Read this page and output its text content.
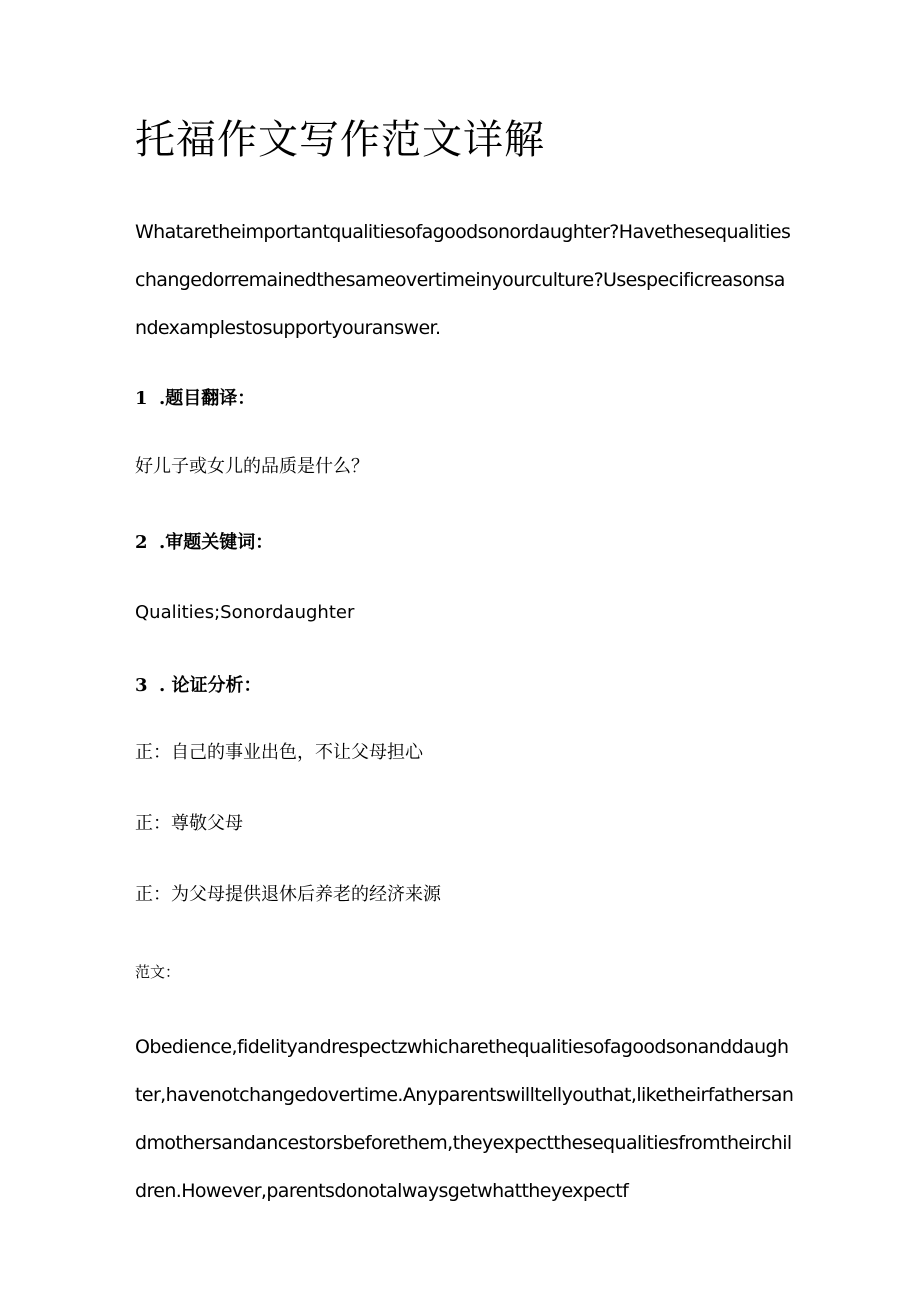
托福作文写作范文详解

Whataretheimportantqualitiesofagoodsonordaughter?Havethesequalitieschangedorremainedthesameovertimeinyourculture?Usespecificreasonsandexamplestosupportyouranswer.

1 .题目翻译：

好儿子或女儿的品质是什么？

2 .审题关键词：

Qualities;Sonordaughter

3 . 论证分析：

正：自己的事业出色，不让父母担心

正：尊敬父母

正：为父母提供退休后养老的经济来源

范文：

Obedience,fidelityandrespectzwhicharethequalitiesofagoodsonanddaughter,havenotchangedovertime.Anyparentswilltellyouthat,liketheirfathersandmothersandancestorsbeforethem,theyexpectthesequalitiesfromtheirchildren.However,parentsdonotalwaysgetwhattheyexpectf
